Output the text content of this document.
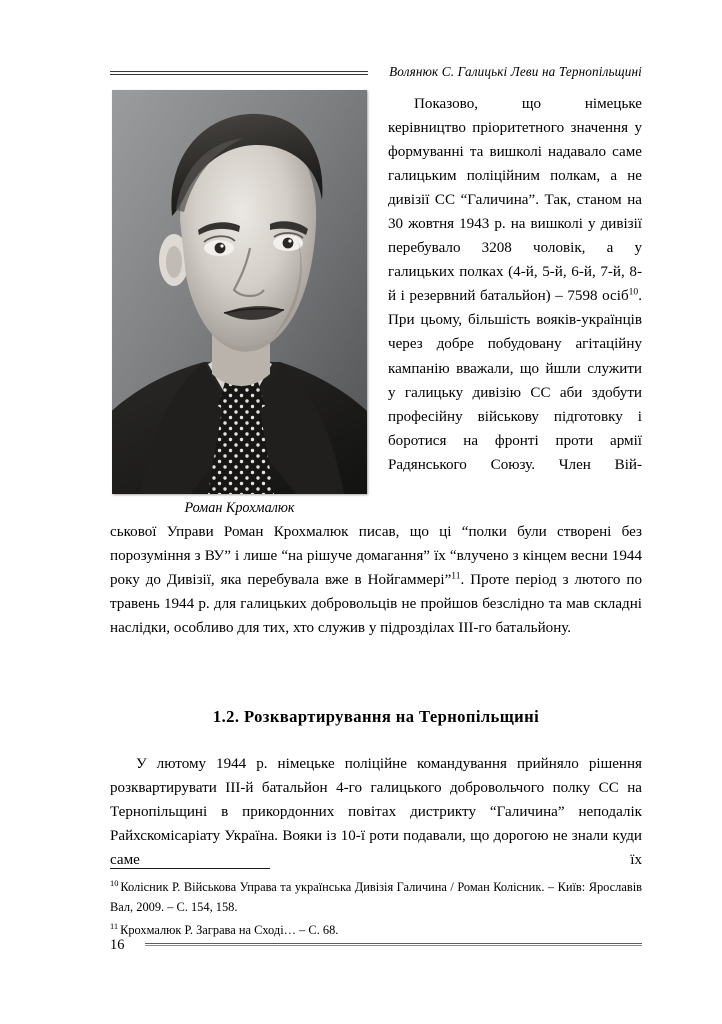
Волянюк С. Галицькі Леви на Тернопільщині
Роман Крохмалюк

Показово, що німецьке керівництво пріоритетного значення у формуванні та вишколі надавало саме галицьким поліційним полкам, а не дивізії СС “Галичина”. Так, станом на 30 жовтня 1943 р. на вишколі у дивізії перебувало 3208 чоловік, а у галицьких полках (4-й, 5-й, 6-й, 7-й, 8-й і резервний батальйон) – 7598 осіб$^{10}$. При цьому, більшість вояків-українців через добре побудовану агітаційну кампанію вважали, що йшли служити у галицьку дивізію СС аби здобути професійну військову підготовку і боротися на фронті проти армії Радянського Союзу. Член Вій-

ськової Управи Роман Крохмалюк писав, що ці “полки були створені без порозуміння з ВУ” і лише “на рішуче домагання” їх “влучено з кінцем весни 1944 року до Дивізії, яка перебувала вже в Нойгаммері”$^{11}$. Проте період з лютого по травень 1944 р. для галицьких добровольців не пройшов безслідно та мав складні наслідки, особливо для тих, хто служив у підрозділах ІІІ-го батальйону.

1.2. Розквартирування на Тернопільщині

У лютому 1944 р. німецьке поліційне командування прийняло рішення розквартирувати ІІІ-й батальйон 4-го галицького добровольчого полку СС на Тернопільщині в прикордонних повітах дистрикту “Галичина” неподалік Райхскомісаріату Україна. Вояки із 10-ї роти подавали, що дорогою не знали куди саме їх

$^{10}$ Колісник Р. Військова Управа та українська Дивізія Галичина / Роман Колісник. – Київ: Ярославів Вал, 2009. – С. 154, 158.

$^{11}$ Крохмалюк Р. Заграва на Сході… – С. 68.

16
